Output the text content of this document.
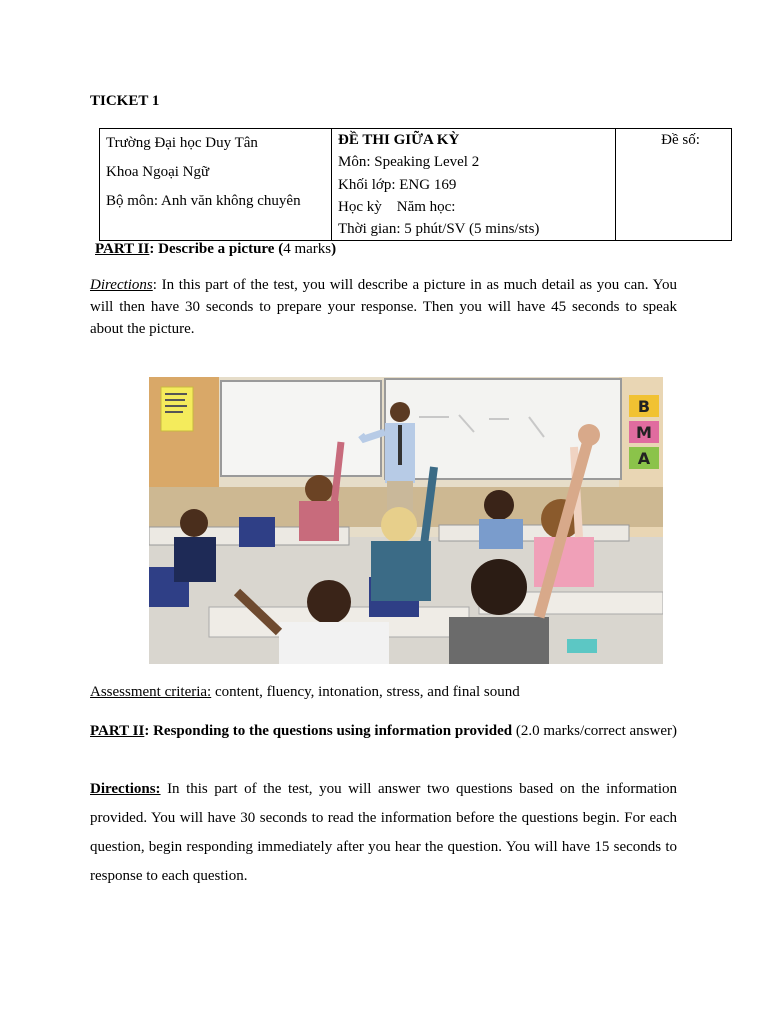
TICKET 1
Trường Đại học Duy Tân
Khoa Ngoại Ngữ
Bộ môn: Anh văn không chuyên

ĐỀ THI GIỮA KỲ
Môn: Speaking Level 2
Khối lớp: ENG 169
Học kỳ    Năm học:
Thời gian: 5 phút/SV (5 mins/sts)

Đề số:
PART II: Describe a picture (4 marks)
Directions: In this part of the test, you will describe a picture in as much detail as you can. You will then have 30 seconds to prepare your response. Then you will have 45 seconds to speak about the picture.
B
M
A
Assessment criteria: content, fluency, intonation, stress, and final sound
PART II: Responding to the questions using information provided (2.0 marks/correct answer)
Directions: In this part of the test, you will answer two questions based on the information provided. You will have 30 seconds to read the information before the questions begin. For each question, begin responding immediately after you hear the question. You will have 15 seconds to response to each question.
